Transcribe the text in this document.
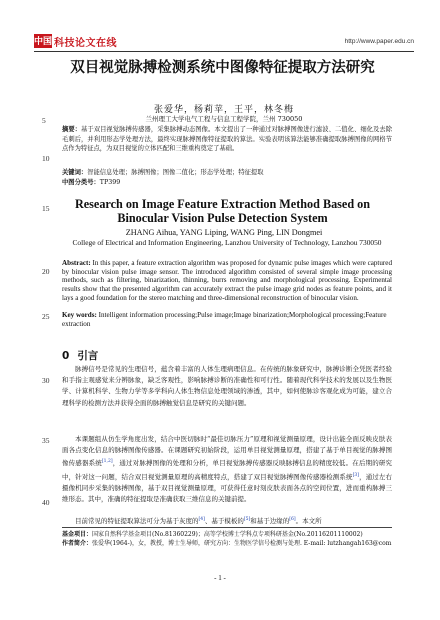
中国 科技论文在线	http://www.paper.edu.cn
双目视觉脉搏检测系统中图像特征提取方法研究
张爱华，杨莉苹，王平，林冬梅
兰州理工大学电气工程与信息工程学院，兰州 730050
摘要：基于双目视觉脉搏传感器，采集脉搏动态图像。本文提出了一种通过对脉搏图像进行滤波、二值化、细化及去除毛刺后，并利用形态学处理方法，最终实现脉搏图像特征提取的算法。实验表明该算法能够准确提取脉搏图像的网格节点作为特征点，为双目视觉的立体匹配和三维重构奠定了基础。
关键词：智能信息处理；脉搏图像；图像二值化；形态学处理；特征提取
中图分类号：TP399
Research on Image Feature Extraction Method Based on Binocular Vision Pulse Detection System
ZHANG Aihua, YANG Liping, WANG Ping, LIN Dongmei
College of Electrical and Information Engineering, Lanzhou University of Technology, Lanzhou 730050
Abstract: In this paper, a feature extraction algorithm was proposed for dynamic pulse images which were captured by binocular vision pulse image sensor. The introduced algorithm consisted of several simple image processing methods, such as filtering, binarization, thinning, burrs removing and morphological processing. Experimental results show that the presented algorithm can accurately extract the pulse image grid nodes as feature points, and it lays a good foundation for the stereo matching and three-dimensional reconstruction of binocular vision.
Key words: Intelligent information processing;Pulse image;Image binarization;Morphological processing;Feature extraction
0 引言
脉搏信号是常见的生理信号，蕴含着丰富的人体生理病理信息。在传统的脉象研究中，脉搏诊断全凭医者经验和手指主观感觉来分辨脉象，缺乏客观性，影响脉搏诊断的准确性和可行性。随着现代科学技术的发展以及生物医学、计算机科学、生物力学等多学科向人体生物信息处理领域的渗透，其中，如何使脉诊客观化成为可能，建立合理科学的检测方法并获得全面的脉搏触觉信息是研究的关键问题。
本课题组从仿生学角度出发，结合中医切脉时“最佳切脉压力”原理和视觉测量原理，设计出能全面反映皮肤表面各点变化信息的脉搏图像传感器。在课题研究初始阶段，运用单目视觉测量原理，搭建了基于单目视觉的脉搏图像传感器系统[1,2]，通过对脉搏图像的处理和分析，单目视觉脉搏传感器反映脉搏信息的精度较低。在后期的研究中，针对这一问题，结合双目视觉测量原理的高精度特点，搭建了双目视觉脉搏图像传感器检测系统[3]，通过左右摄像机同步采集的脉搏图像，基于双目视觉测量原理，可获得任意时刻皮肤表面各点的空间位置，进而重构脉搏三维形态。其中，准确的特征提取是准确获取三维信息的关键前提。
目前常见的特征提取算法可分为基于灰度的[4]、基于模板的[5]和基于边缘的[6]。本文所
基金项目：国家自然科学基金项目(No.81360229)；高等学校博士学科点专项科研基金(No.20116201110002)
作者简介：张爱华(1964-)，女，教授，博士生导师，研究方向：生物医学信号检测与处理. E-mail: lutzhangah163@com
5
10
15
20
25
30
35
40
- 1 -
